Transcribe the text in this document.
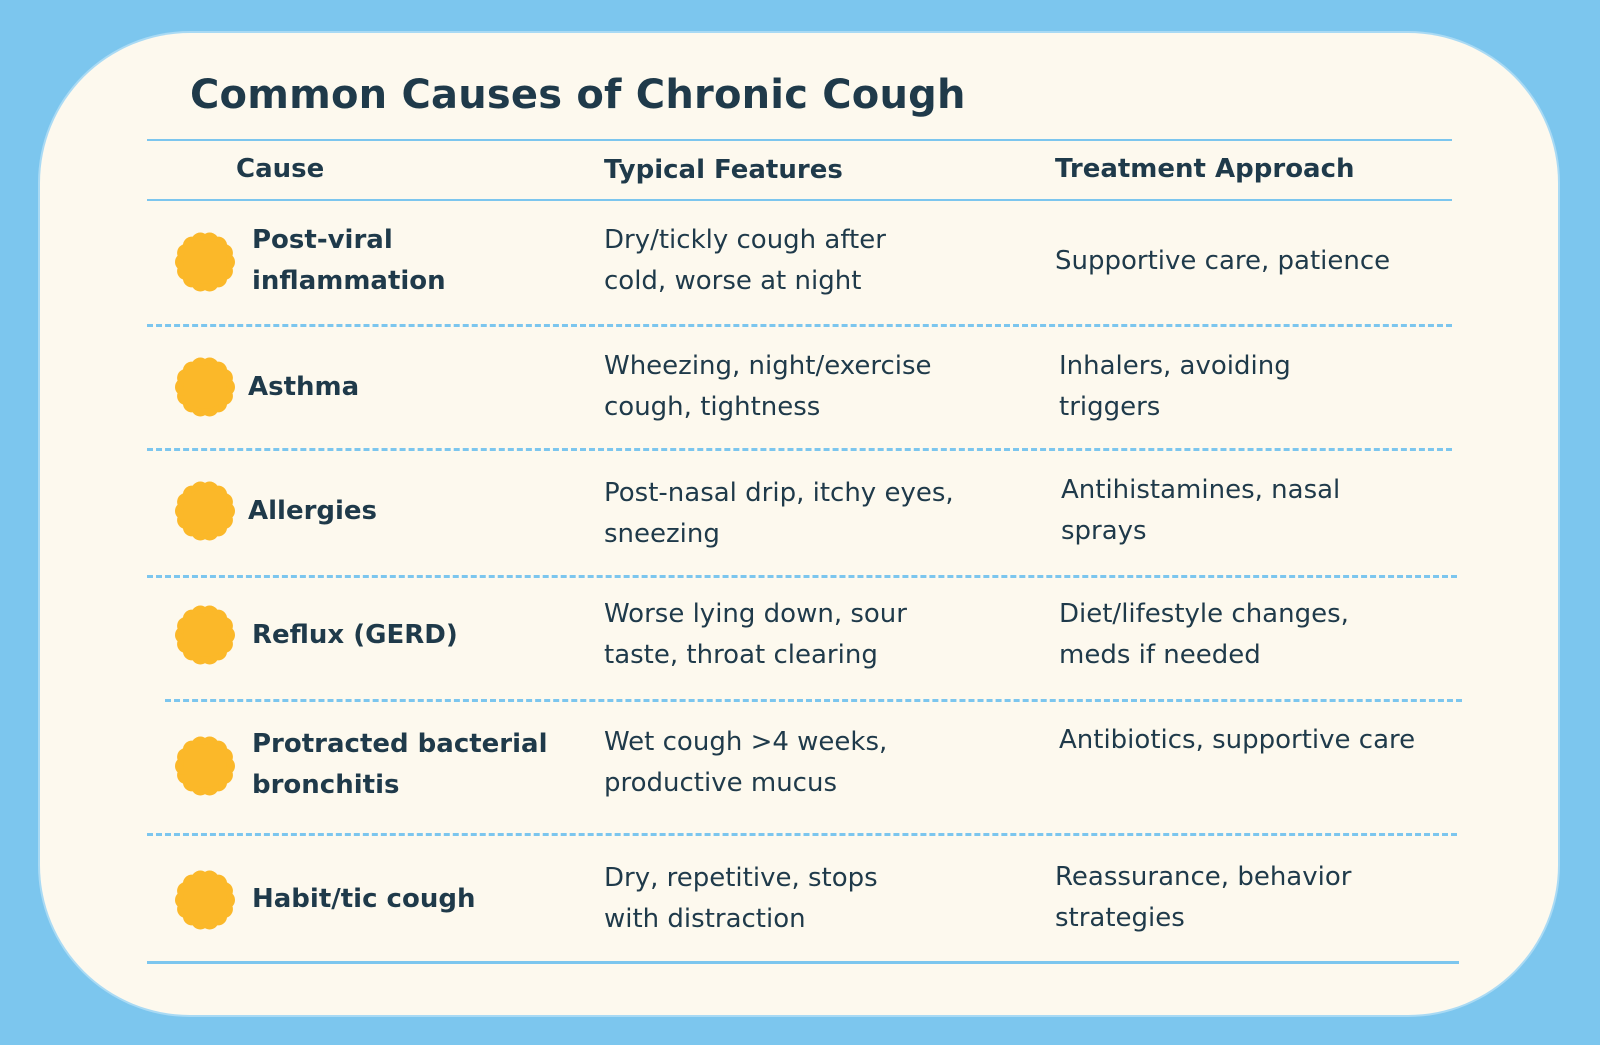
Common Causes of Chronic Cough
Cause	Typical Features	Treatment Approach
Post-viral inflammation
Dry/tickly cough after cold, worse at night
Supportive care, patience
Asthma
Wheezing, night/exercise cough, tightness
Inhalers, avoiding triggers
Allergies
Post-nasal drip, itchy eyes, sneezing
Antihistamines, nasal sprays
Reflux (GERD)
Worse lying down, sour taste, throat clearing
Diet/lifestyle changes, meds if needed
Protracted bacterial bronchitis
Wet cough >4 weeks, productive mucus
Antibiotics, supportive care
Habit/tic cough
Dry, repetitive, stops with distraction
Reassurance, behavior strategies
